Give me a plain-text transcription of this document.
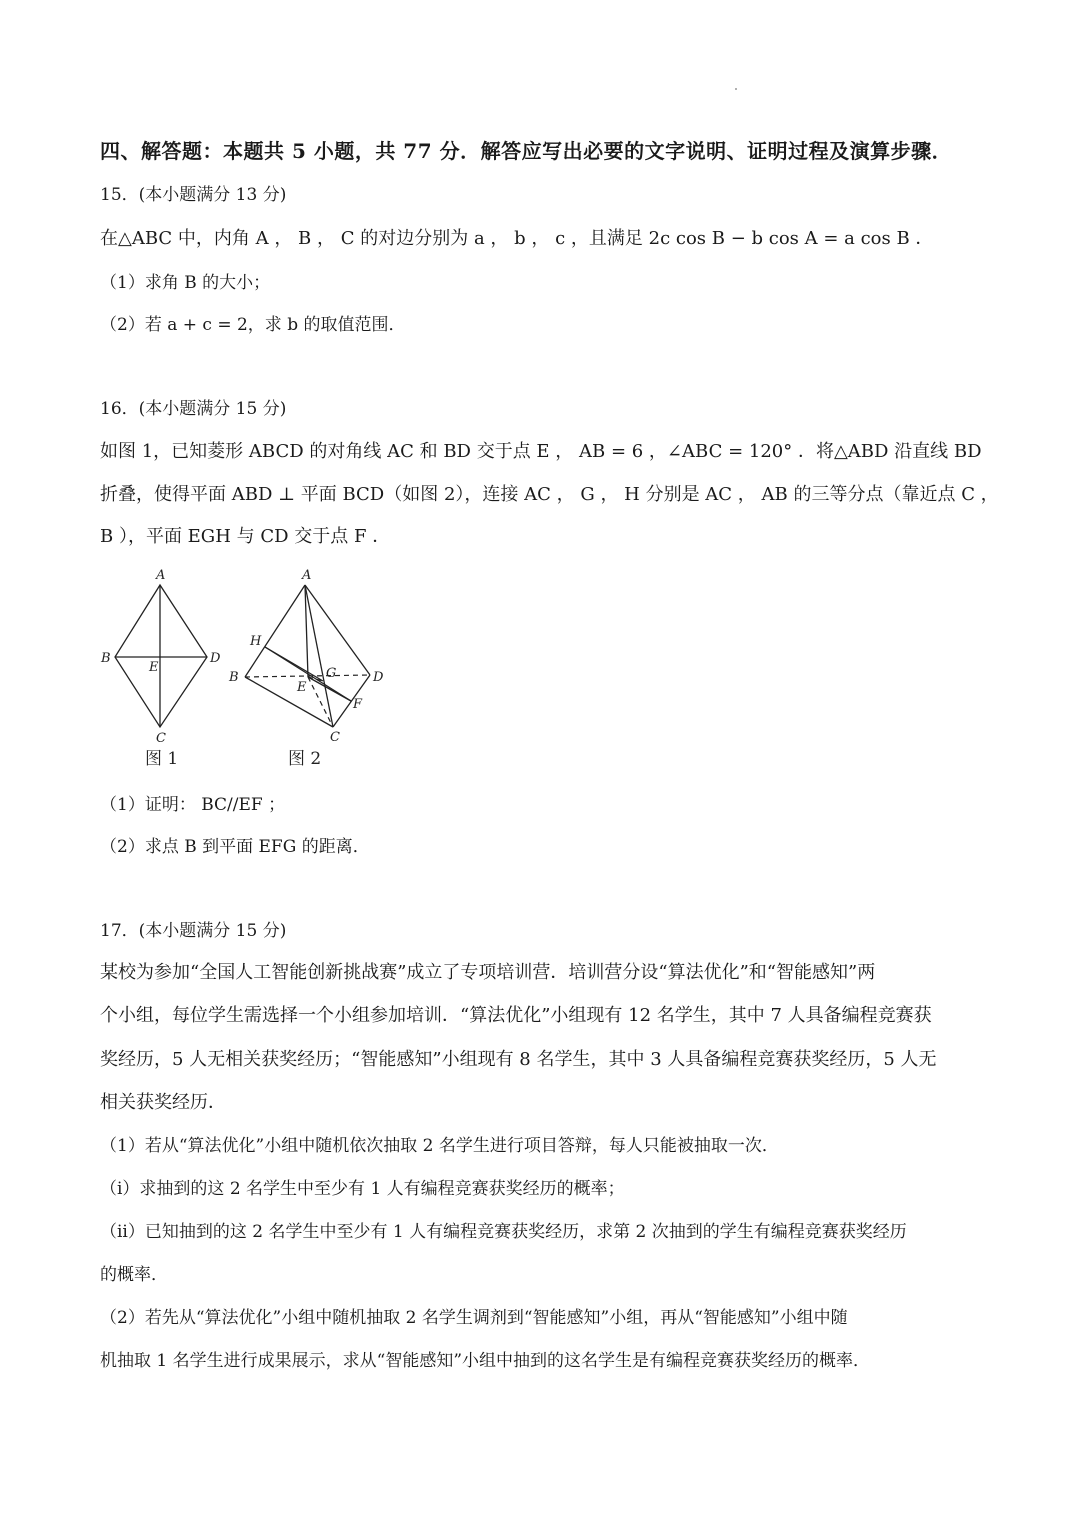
四、解答题：本题共 5 小题，共 77 分．解答应写出必要的文字说明、证明过程及演算步骤．
15．(本小题满分 13 分)
在△ABC 中，内角 A ， B ， C 的对边分别为 a ， b ， c ，且满足 2c cos B − b cos A = a cos B ．
（1）求角 B 的大小；
（2）若 a + c = 2，求 b 的取值范围．
16．(本小题满分 15 分)
如图 1，已知菱形 ABCD 的对角线 AC 和 BD 交于点 E ， AB = 6 ，∠ABC = 120° ．将△ABD 沿直线 BD
折叠，使得平面 ABD ⊥ 平面 BCD（如图 2），连接 AC ， G ， H 分别是 AC ， AB 的三等分点（靠近点 C ，
B ），平面 EGH 与 CD 交于点 F ．
A
B	D
E
C
A
H
B	D
E
G
F
C
图 1	图 2
（1）证明： BC//EF ；
（2）求点 B 到平面 EFG 的距离．
17．(本小题满分 15 分)
某校为参加“全国人工智能创新挑战赛”成立了专项培训营．培训营分设“算法优化”和“智能感知”两
个小组，每位学生需选择一个小组参加培训．“算法优化”小组现有 12 名学生，其中 7 人具备编程竞赛获
奖经历，5 人无相关获奖经历；“智能感知”小组现有 8 名学生，其中 3 人具备编程竞赛获奖经历，5 人无
相关获奖经历．
（1）若从“算法优化”小组中随机依次抽取 2 名学生进行项目答辩，每人只能被抽取一次．
（i）求抽到的这 2 名学生中至少有 1 人有编程竞赛获奖经历的概率；
（ii）已知抽到的这 2 名学生中至少有 1 人有编程竞赛获奖经历，求第 2 次抽到的学生有编程竞赛获奖经历
的概率．
（2）若先从“算法优化”小组中随机抽取 2 名学生调剂到“智能感知”小组，再从“智能感知”小组中随
机抽取 1 名学生进行成果展示，求从“智能感知”小组中抽到的这名学生是有编程竞赛获奖经历的概率．
